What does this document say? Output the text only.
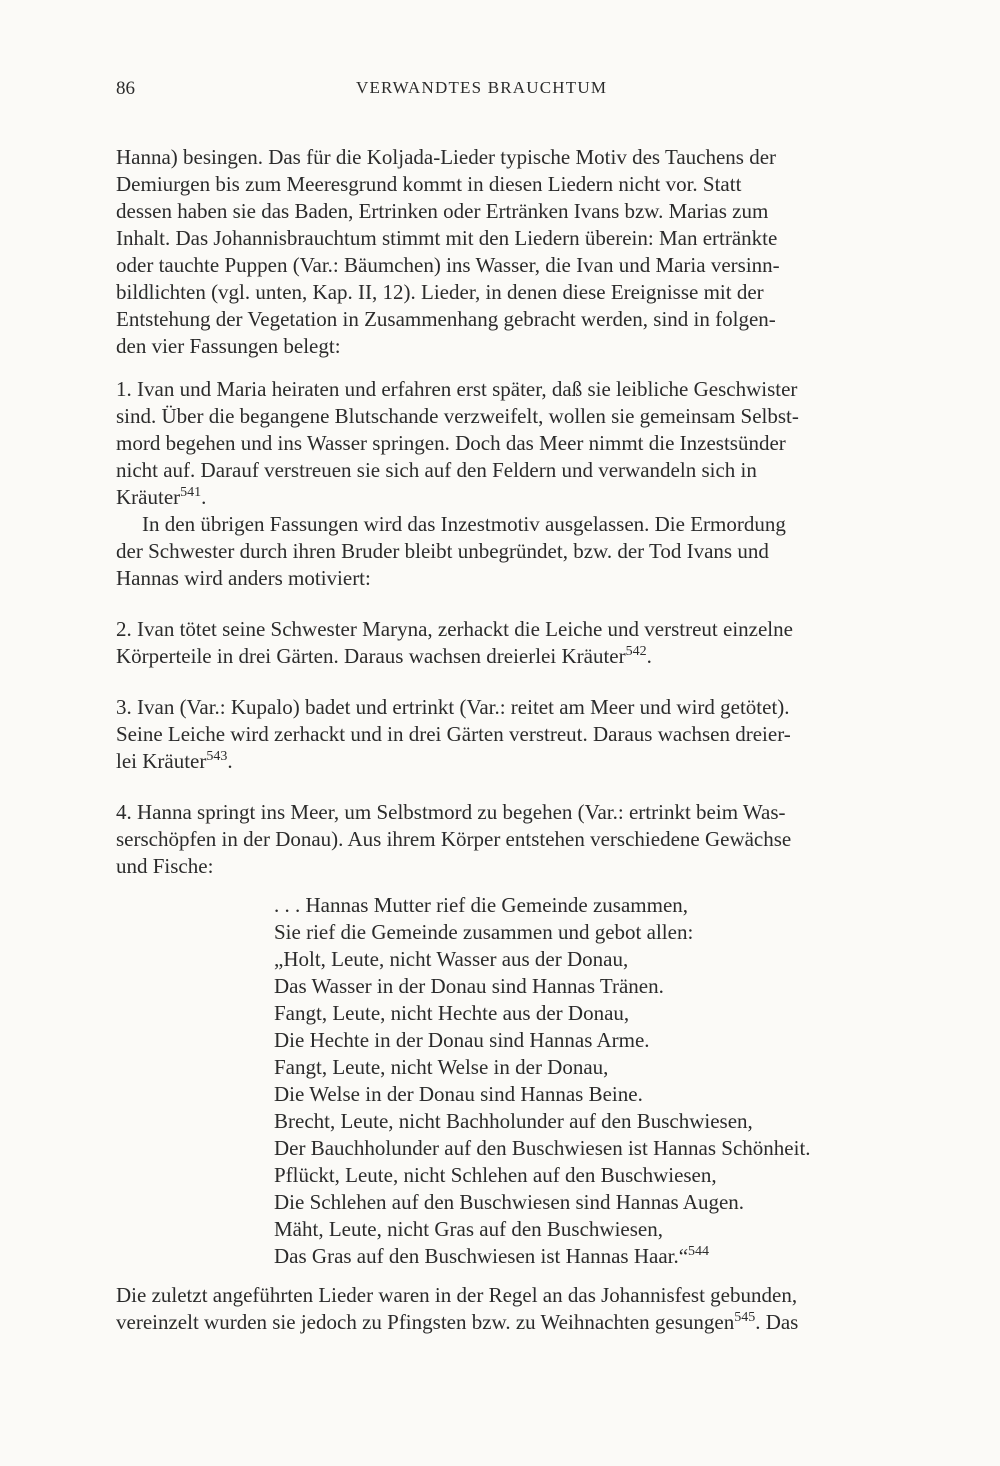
86	VERWANDTES BRAUCHTUM
Hanna) besingen. Das für die Koljada-Lieder typische Motiv des Tauchens der
Demiurgen bis zum Meeresgrund kommt in diesen Liedern nicht vor. Statt
dessen haben sie das Baden, Ertrinken oder Ertränken Ivans bzw. Marias zum
Inhalt. Das Johannisbrauchtum stimmt mit den Liedern überein: Man ertränkte
oder tauchte Puppen (Var.: Bäumchen) ins Wasser, die Ivan und Maria versinn-
bildlichten (vgl. unten, Kap. II, 12). Lieder, in denen diese Ereignisse mit der
Entstehung der Vegetation in Zusammenhang gebracht werden, sind in folgen-
den vier Fassungen belegt:
1. Ivan und Maria heiraten und erfahren erst später, daß sie leibliche Geschwister
sind. Über die begangene Blutschande verzweifelt, wollen sie gemeinsam Selbst-
mord begehen und ins Wasser springen. Doch das Meer nimmt die Inzestsünder
nicht auf. Darauf verstreuen sie sich auf den Feldern und verwandeln sich in
Kräuter$^{541}$.
In den übrigen Fassungen wird das Inzestmotiv ausgelassen. Die Ermordung
der Schwester durch ihren Bruder bleibt unbegründet, bzw. der Tod Ivans und
Hannas wird anders motiviert:
2. Ivan tötet seine Schwester Maryna, zerhackt die Leiche und verstreut einzelne
Körperteile in drei Gärten. Daraus wachsen dreierlei Kräuter$^{542}$.
3. Ivan (Var.: Kupalo) badet und ertrinkt (Var.: reitet am Meer und wird getötet).
Seine Leiche wird zerhackt und in drei Gärten verstreut. Daraus wachsen dreier-
lei Kräuter$^{543}$.
4. Hanna springt ins Meer, um Selbstmord zu begehen (Var.: ertrinkt beim Was-
serschöpfen in der Donau). Aus ihrem Körper entstehen verschiedene Gewächse
und Fische:
. . . Hannas Mutter rief die Gemeinde zusammen,
Sie rief die Gemeinde zusammen und gebot allen:
„Holt, Leute, nicht Wasser aus der Donau,
Das Wasser in der Donau sind Hannas Tränen.
Fangt, Leute, nicht Hechte aus der Donau,
Die Hechte in der Donau sind Hannas Arme.
Fangt, Leute, nicht Welse in der Donau,
Die Welse in der Donau sind Hannas Beine.
Brecht, Leute, nicht Bachholunder auf den Buschwiesen,
Der Bauchholunder auf den Buschwiesen ist Hannas Schönheit.
Pflückt, Leute, nicht Schlehen auf den Buschwiesen,
Die Schlehen auf den Buschwiesen sind Hannas Augen.
Mäht, Leute, nicht Gras auf den Buschwiesen,
Das Gras auf den Buschwiesen ist Hannas Haar.“$^{544}$
Die zuletzt angeführten Lieder waren in der Regel an das Johannisfest gebunden,
vereinzelt wurden sie jedoch zu Pfingsten bzw. zu Weihnachten gesungen$^{545}$. Das
